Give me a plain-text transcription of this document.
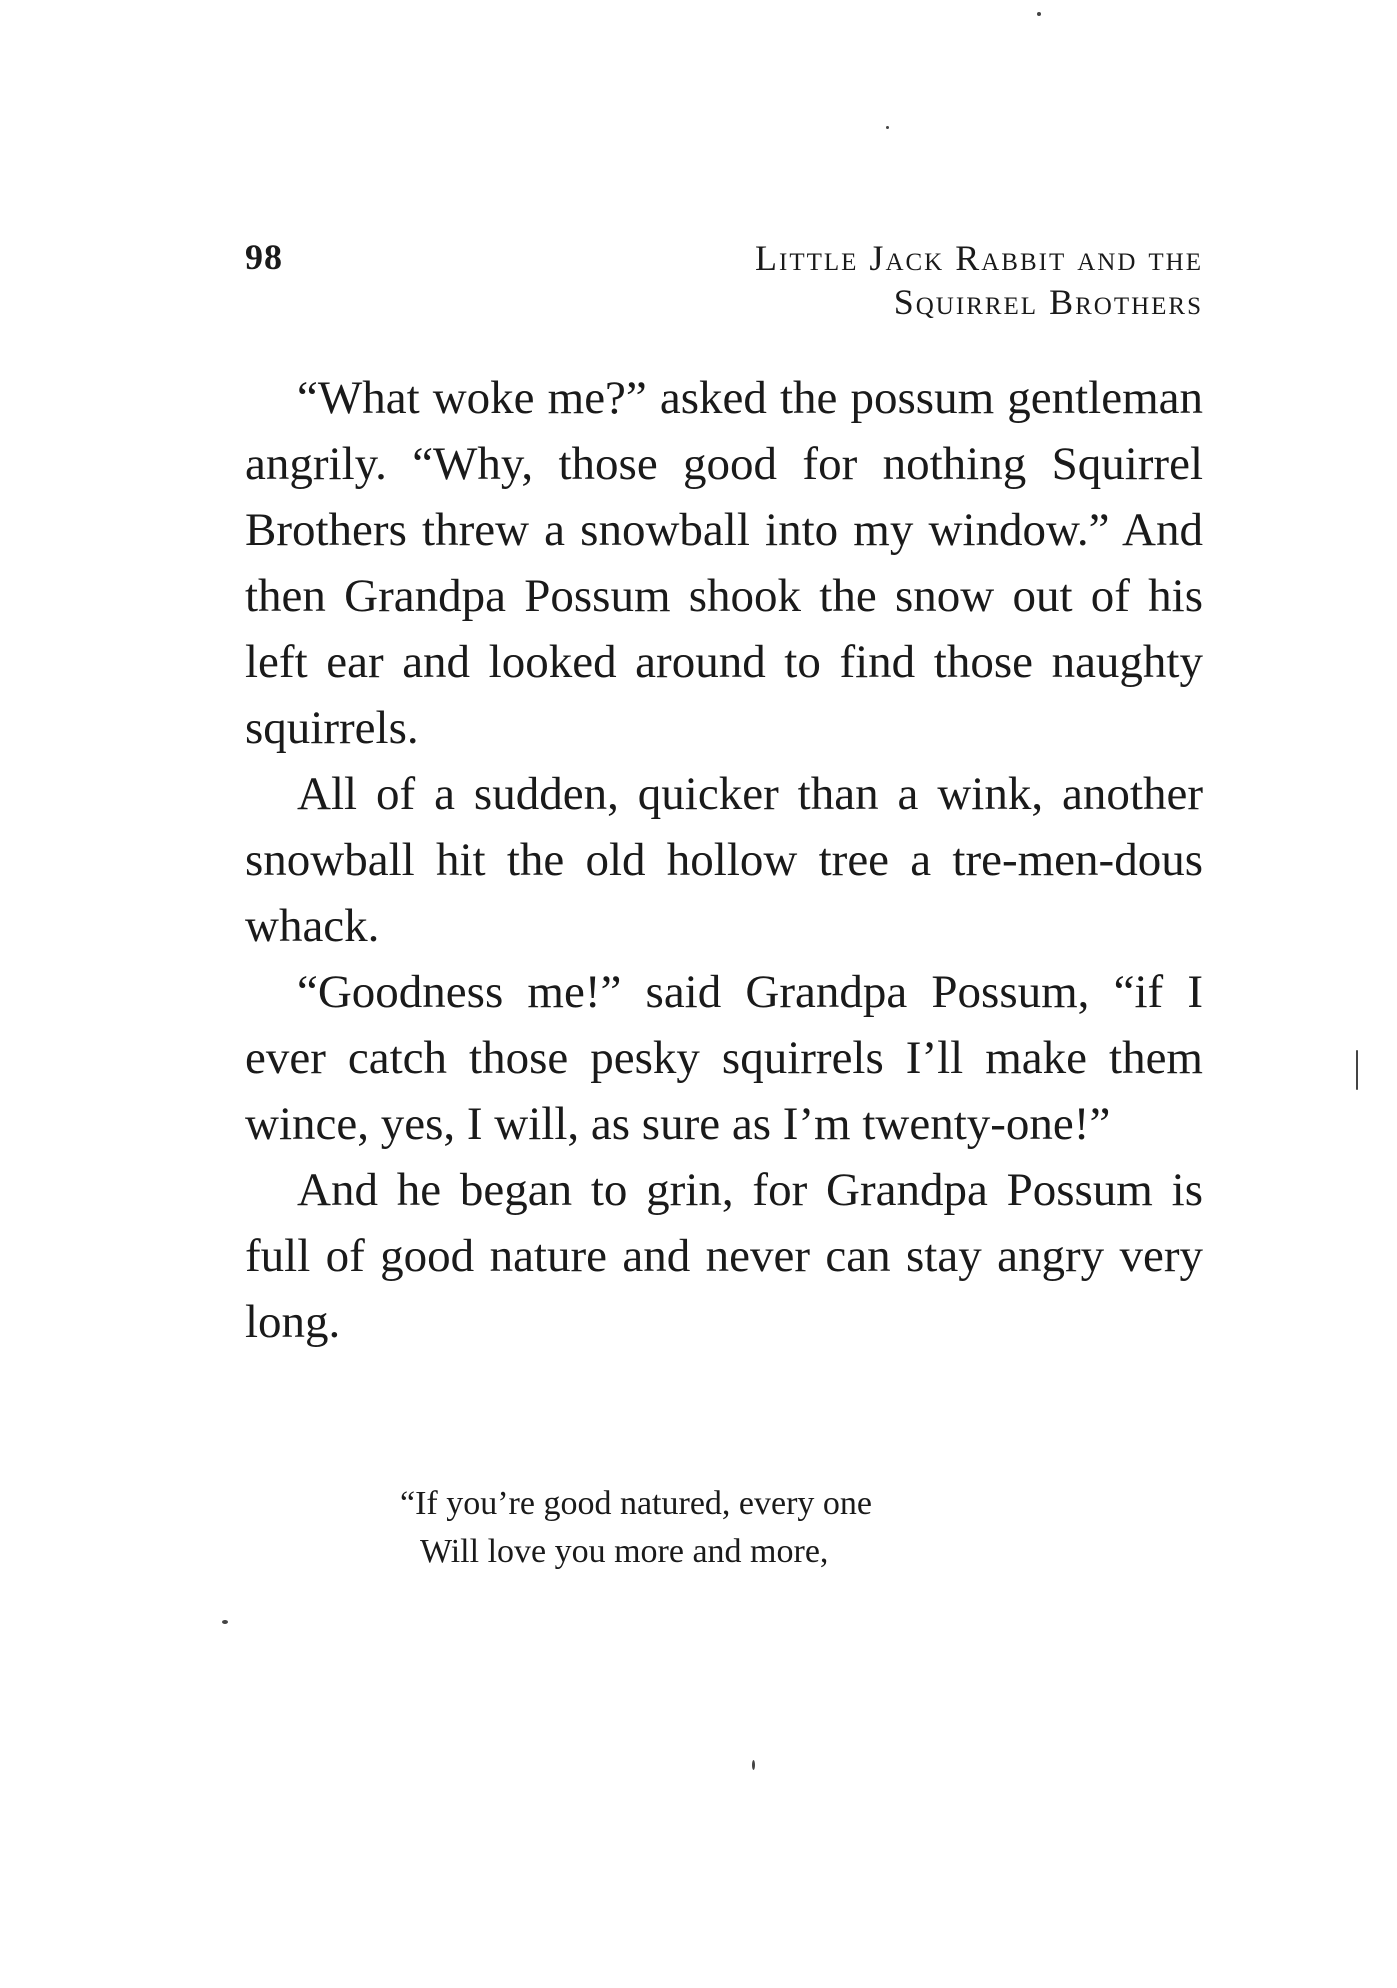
98	Little Jack Rabbit and the
Squirrel Brothers

“What woke me?” asked the possum gentleman angrily. “Why, those good for nothing Squirrel Brothers threw a snowball into my window.” And then Grandpa Possum shook the snow out of his left ear and looked around to find those naughty squirrels.

All of a sudden, quicker than a wink, another snowball hit the old hollow tree a tre-men-dous whack.

“Goodness me!” said Grandpa Possum, “if I ever catch those pesky squirrels I’ll make them wince, yes, I will, as sure as I’m twenty-one!”

And he began to grin, for Grandpa Possum is full of good nature and never can stay angry very long.

“If you’re good natured, every one
Will love you more and more,
